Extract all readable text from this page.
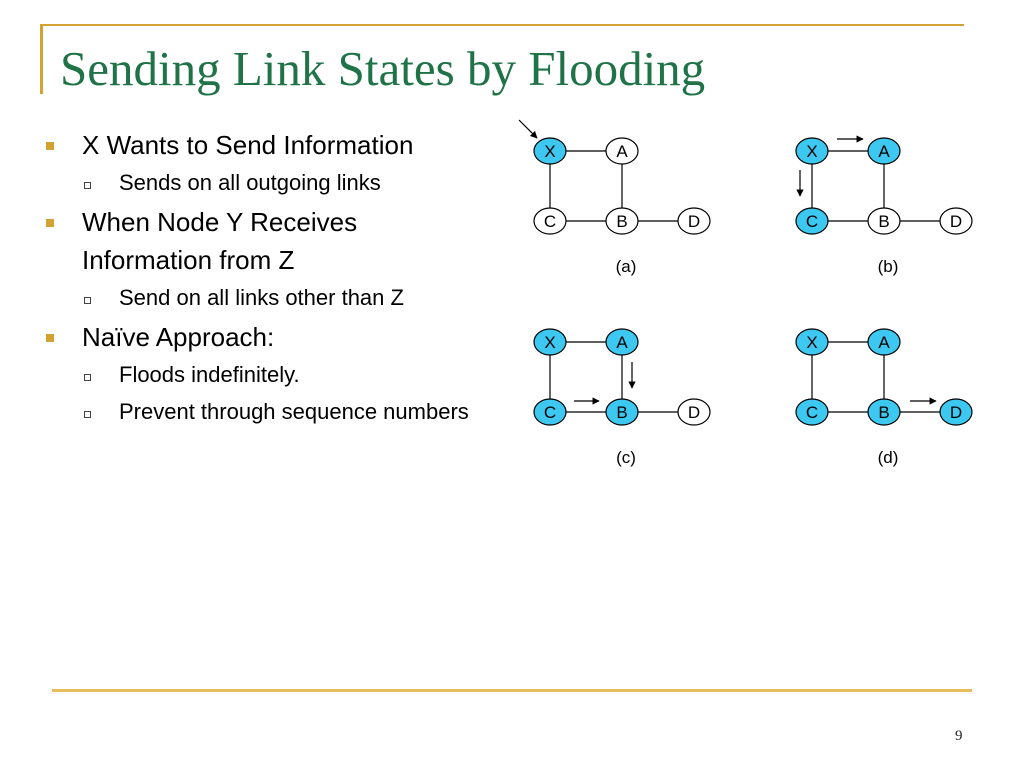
Sending Link States by Flooding
X Wants to Send Information
Sends on all outgoing links
When Node Y Receives Information from Z
Send on all links other than Z
Naïve Approach:
Floods indefinitely.
Prevent through sequence numbers
X	A
C	B	D
(a)
X	A
C	B	D
(b)
X	A
C	B	D
(c)
X	A
C	B	D
(d)
9
